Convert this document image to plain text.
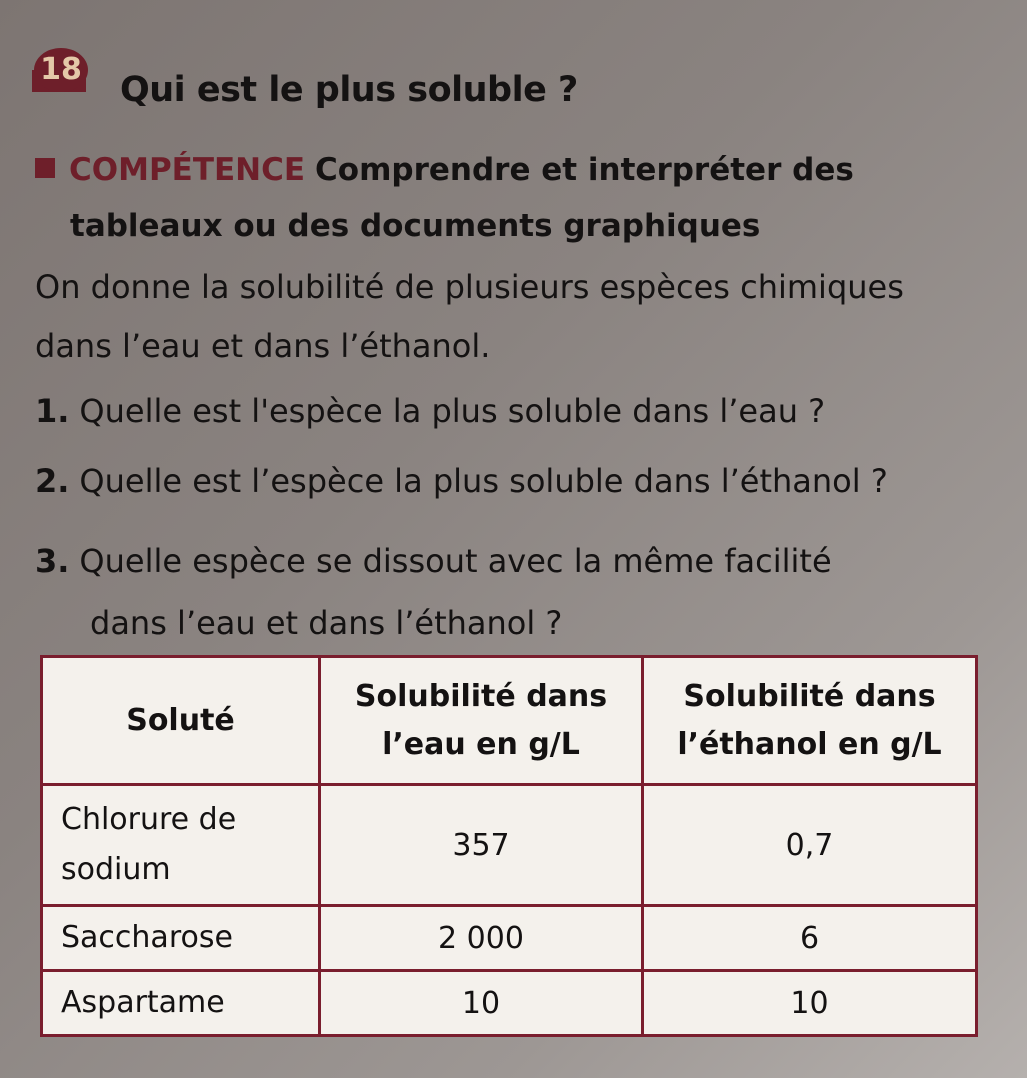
18
Qui est le plus soluble ?
COMPÉTENCE Comprendre et interpréter des
tableaux ou des documents graphiques
On donne la solubilité de plusieurs espèces chimiques dans l’eau et dans l’éthanol.
1. Quelle est l'espèce la plus soluble dans l’eau ?
2. Quelle est l’espèce la plus soluble dans l’éthanol ?
3. Quelle espèce se dissout avec la même facilité
dans l’eau et dans l’éthanol ?
Soluté	Solubilité dans l’eau en g/L	Solubilité dans l’éthanol en g/L
Chlorure de sodium	357	0,7
Saccharose	2 000	6
Aspartame	10	10
